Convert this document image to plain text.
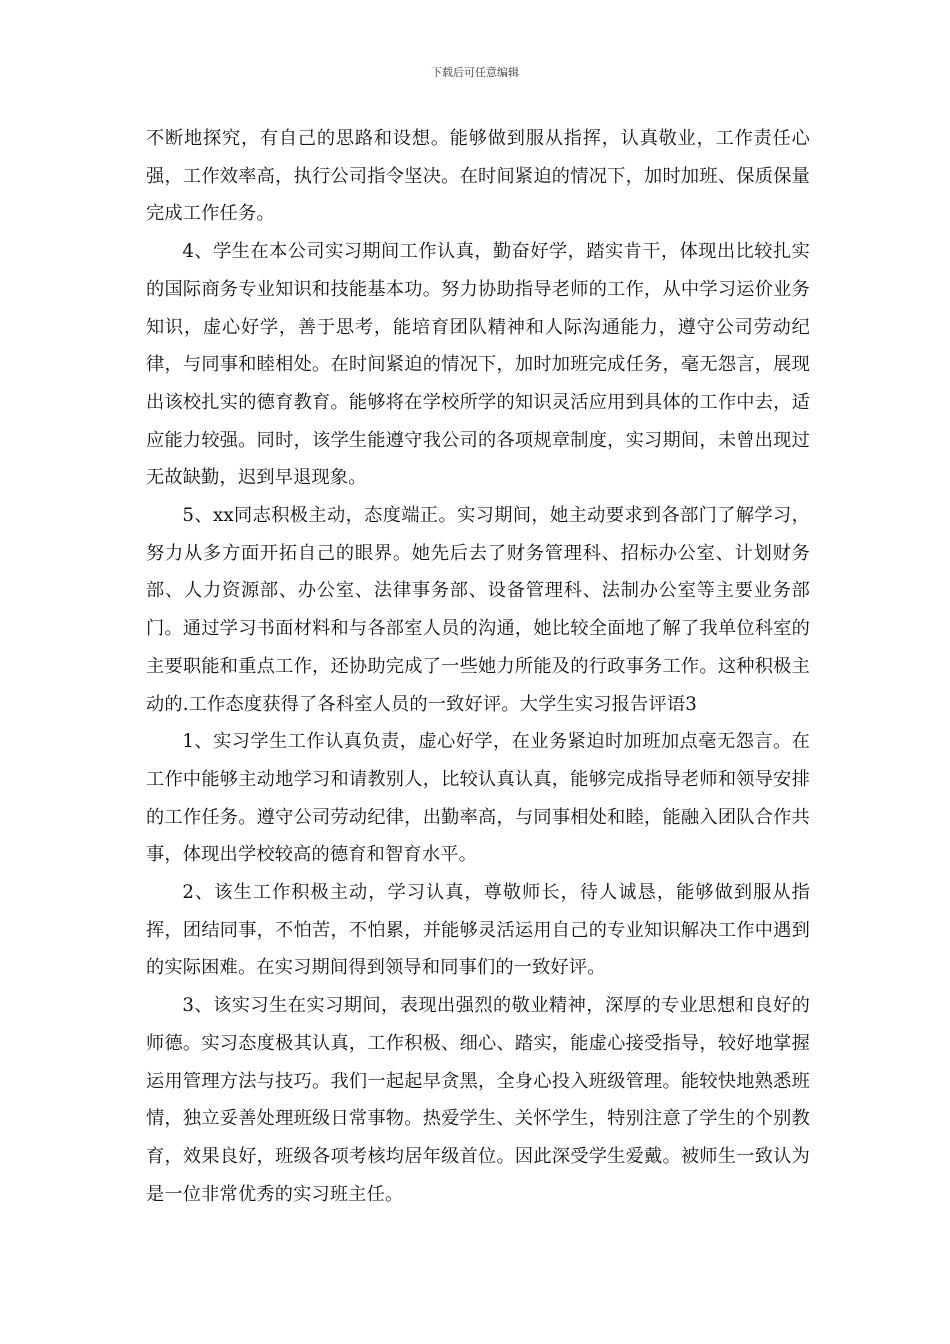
下载后可任意编辑

不断地探究，有自己的思路和设想。能够做到服从指挥，认真敬业，工作责任心强，工作效率高，执行公司指令坚决。在时间紧迫的情况下，加时加班、保质保量完成工作任务。

4、学生在本公司实习期间工作认真，勤奋好学，踏实肯干，体现出比较扎实的国际商务专业知识和技能基本功。努力协助指导老师的工作，从中学习运价业务知识，虚心好学，善于思考，能培育团队精神和人际沟通能力，遵守公司劳动纪律，与同事和睦相处。在时间紧迫的情况下，加时加班完成任务，毫无怨言，展现出该校扎实的德育教育。能够将在学校所学的知识灵活应用到具体的工作中去，适应能力较强。同时，该学生能遵守我公司的各项规章制度，实习期间，未曾出现过无故缺勤，迟到早退现象。

5、xx同志积极主动，态度端正。实习期间，她主动要求到各部门了解学习，努力从多方面开拓自己的眼界。她先后去了财务管理科、招标办公室、计划财务部、人力资源部、办公室、法律事务部、设备管理科、法制办公室等主要业务部门。通过学习书面材料和与各部室人员的沟通，她比较全面地了解了我单位科室的主要职能和重点工作，还协助完成了一些她力所能及的行政事务工作。这种积极主动的.工作态度获得了各科室人员的一致好评。大学生实习报告评语3

1、实习学生工作认真负责，虚心好学，在业务紧迫时加班加点毫无怨言。在工作中能够主动地学习和请教别人，比较认真认真，能够完成指导老师和领导安排的工作任务。遵守公司劳动纪律，出勤率高，与同事相处和睦，能融入团队合作共事，体现出学校较高的德育和智育水平。

2、该生工作积极主动，学习认真，尊敬师长，待人诚恳，能够做到服从指挥，团结同事，不怕苦，不怕累，并能够灵活运用自己的专业知识解决工作中遇到的实际困难。在实习期间得到领导和同事们的一致好评。

3、该实习生在实习期间，表现出强烈的敬业精神，深厚的专业思想和良好的师德。实习态度极其认真，工作积极、细心、踏实，能虚心接受指导，较好地掌握运用管理方法与技巧。我们一起起早贪黑，全身心投入班级管理。能较快地熟悉班情，独立妥善处理班级日常事物。热爱学生、关怀学生，特别注意了学生的个别教育，效果良好，班级各项考核均居年级首位。因此深受学生爱戴。被师生一致认为是一位非常优秀的实习班主任。
